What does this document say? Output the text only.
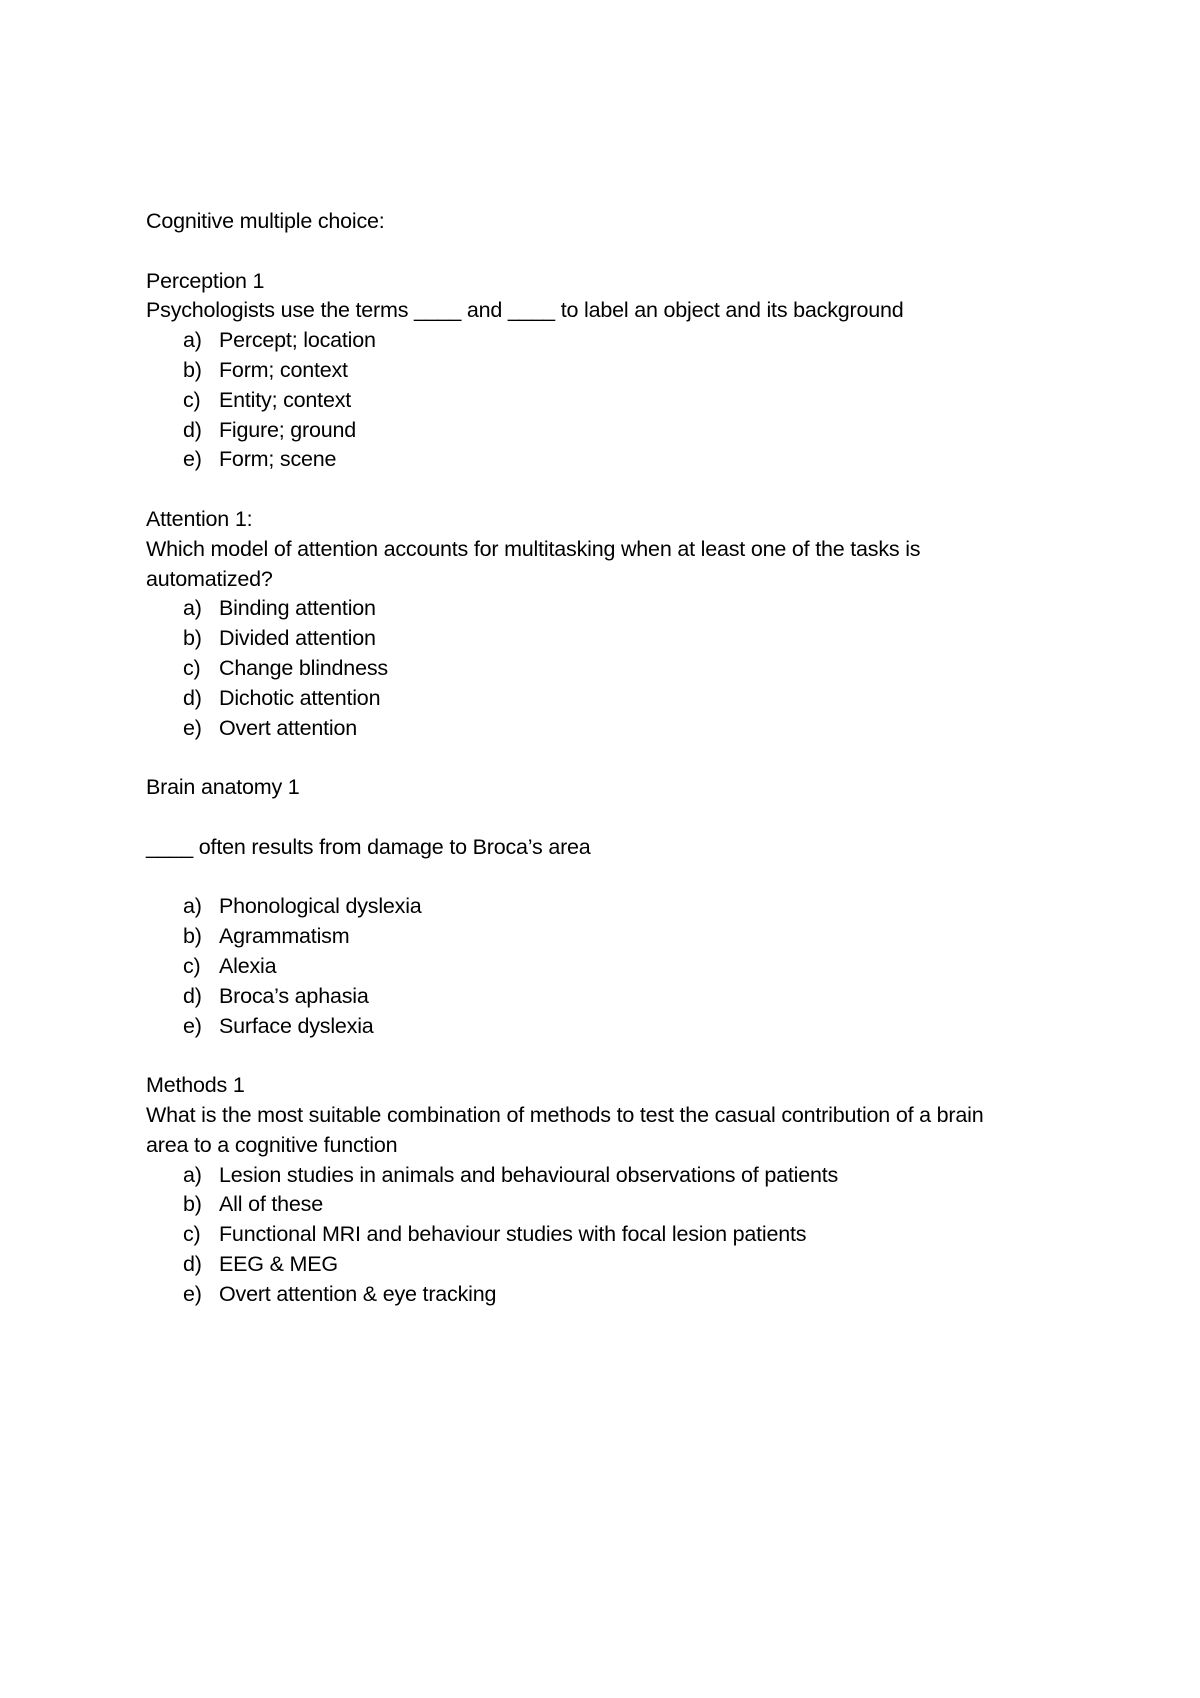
Cognitive multiple choice:
Perception 1
Psychologists use the terms ____ and ____ to label an object and its background
a) Percept; location
b) Form; context
c) Entity; context
d) Figure; ground
e) Form; scene
Attention 1:
Which model of attention accounts for multitasking when at least one of the tasks is
automatized?
a) Binding attention
b) Divided attention
c) Change blindness
d) Dichotic attention
e) Overt attention
Brain anatomy 1
____ often results from damage to Broca’s area
a) Phonological dyslexia
b) Agrammatism
c) Alexia
d) Broca’s aphasia
e) Surface dyslexia
Methods 1
What is the most suitable combination of methods to test the casual contribution of a brain
area to a cognitive function
a) Lesion studies in animals and behavioural observations of patients
b) All of these
c) Functional MRI and behaviour studies with focal lesion patients
d) EEG & MEG
e) Overt attention & eye tracking
